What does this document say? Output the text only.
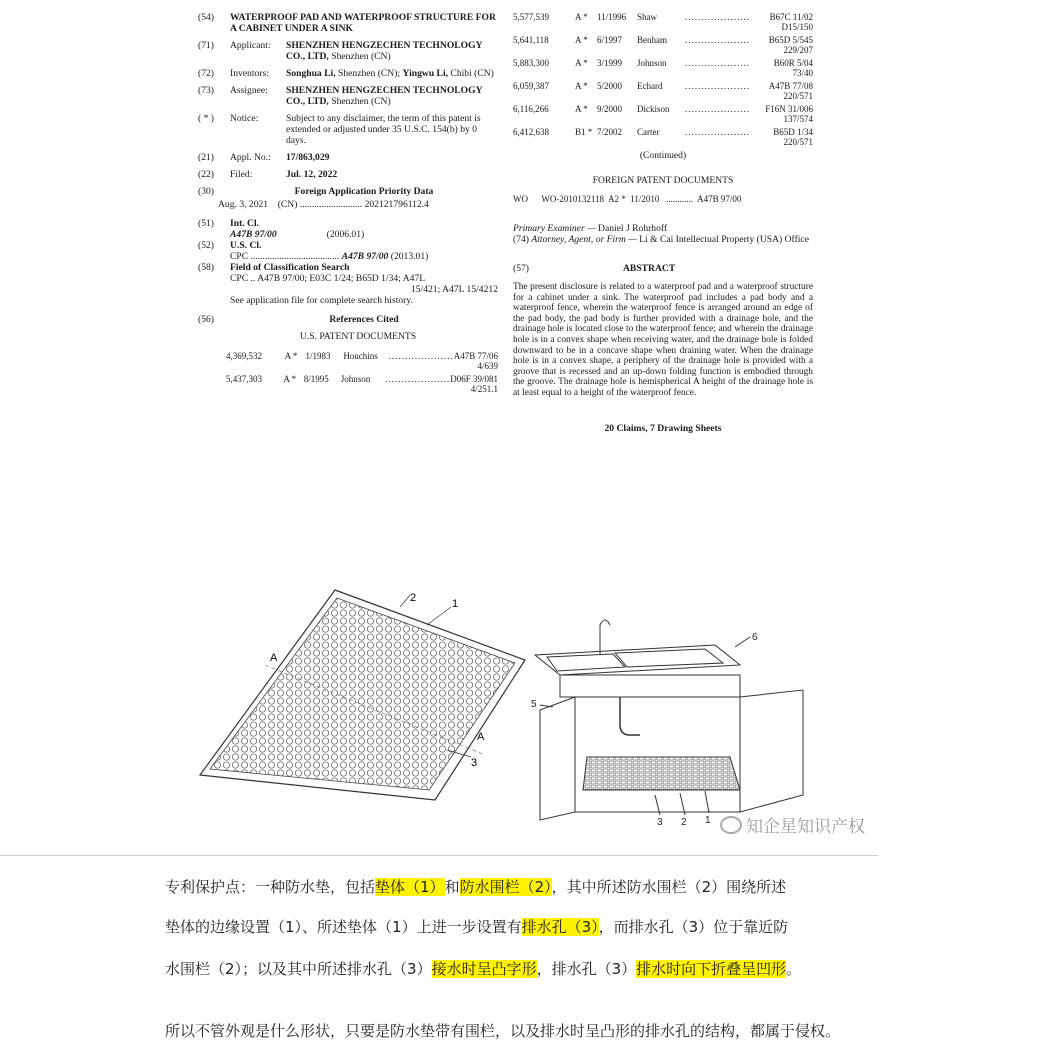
(54)	WATERPROOF PAD AND WATERPROOF STRUCTURE FOR A CABINET UNDER A SINK
(71)	Applicant:	SHENZHEN HENGZECHEN TECHNOLOGY CO., LTD, Shenzhen (CN)
(72)	Inventors:	Songhua Li, Shenzhen (CN); Yingwu Li, Chibi (CN)
(73)	Assignee:	SHENZHEN HENGZECHEN TECHNOLOGY CO., LTD, Shenzhen (CN)
( * )	Notice:	Subject to any disclaimer, the term of this patent is extended or adjusted under 35 U.S.C. 154(b) by 0 days.
(21)	Appl. No.:	17/863,029
(22)	Filed:	Jul. 12, 2022
(30)	Foreign Application Priority Data
Aug. 3, 2021    (CN) .......................... 202121796112.4
(51)	Int. Cl.
A47B 97/00	(2006.01)
(52)	U.S. Cl.
CPC ..................................... A47B 97/00 (2013.01)
(58)	Field of Classification Search
CPC .. A47B 97/00; E03C 1/24; B65D 1/34; A47L

15/421; A47L 15/4212
See application file for complete search history.
(56)	References Cited
U.S. PATENT DOCUMENTS
4,369,532	A * 1/1983	Houchins	.................... A47B 77/06
4/639
5,437,303	A * 8/1995	Johnson	.................... D06F 39/081
4/251.1
5,577,539	A *	11/1996	Shaw	....................	B67C 11/02
D15/150
5,641,118	A *	6/1997	Benham	....................	B65D 5/545
229/207
5,883,300	A *	3/1999	Johnson	....................	B60R 5/04
73/40
6,059,387	A *	5/2000	Echard	....................	A47B 77/08
220/571
6,116,266	A *	9/2000	Dickison	....................	F16N 31/006
137/574
6,412,638	B1 * 7/2002	Carter	....................	B65D 1/34
220/571
(Continued)
FOREIGN PATENT DOCUMENTS
WO      WO-2010132118  A2 *  11/2010   ............  A47B 97/00
Primary Examiner — Daniel J Rohrhoff
(74) Attorney, Agent, or Firm — Li & Cai Intellectual Property (USA) Office
(57)	ABSTRACT
The present disclosure is related to a waterproof pad and a waterproof structure for a cabinet under a sink. The waterproof pad includes a pad body and a waterproof fence, wherein the waterproof fence is arranged around an edge of the pad body, the pad body is further provided with a drainage hole, and the drainage hole is located close to the waterproof fence; and wherein the drainage hole is in a convex shape when receiving water, and the drainage hole is folded downward to be in a concave shape when draining water. When the drainage hole is in a convex shape, a periphery of the drainage hole is provided with a groove that is recessed and an up-down folding function is embodied through the groove. The drainage hole is hemispherical A height of the drainage hole is at least equal to a height of the waterproof fence.
20 Claims, 7 Drawing Sheets
2	1
3
A
A
6
5
3 2 1 知企星知识产权
专利保护点：一种防水垫，包括垫体（1）和防水围栏（2），其中所述防水围栏（2）围绕所述
垫体的边缘设置（1）、所述垫体（1）上进一步设置有排水孔（3），而排水孔（3）位于靠近防
水围栏（2）；以及其中所述排水孔（3）接水时呈凸字形，排水孔（3）排水时向下折叠呈凹形。
所以不管外观是什么形状，只要是防水垫带有围栏，以及排水时呈凸形的排水孔的结构，都属于侵权。
